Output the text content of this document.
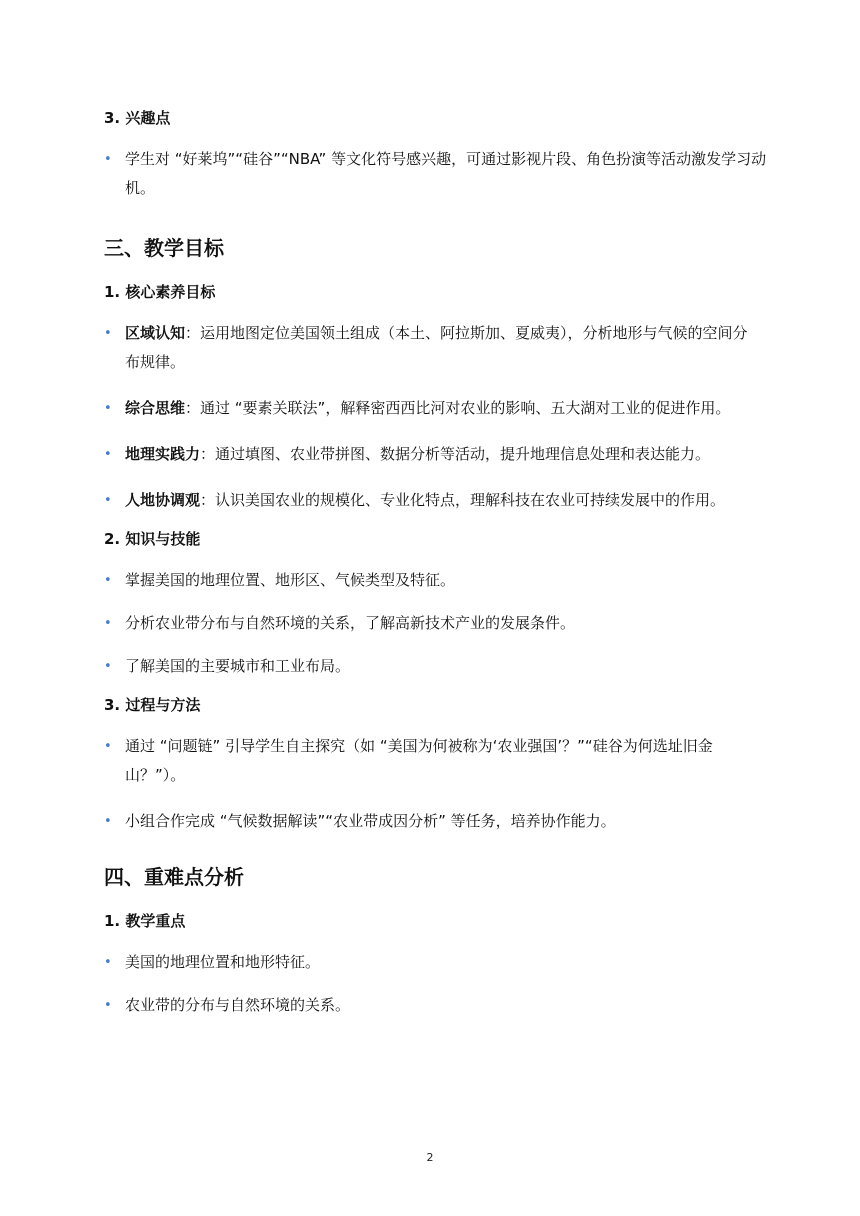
3. 兴趣点
• 学生对 “好莱坞”“硅谷”“NBA” 等文化符号感兴趣，可通过影视片段、角色扮演等活动激发学习动机。
三、教学目标
1. 核心素养目标
• 区域认知：运用地图定位美国领土组成（本土、阿拉斯加、夏威夷），分析地形与气候的空间分布规律。
• 综合思维：通过 “要素关联法”，解释密西西比河对农业的影响、五大湖对工业的促进作用。
• 地理实践力：通过填图、农业带拼图、数据分析等活动，提升地理信息处理和表达能力。
• 人地协调观：认识美国农业的规模化、专业化特点，理解科技在农业可持续发展中的作用。
2. 知识与技能
• 掌握美国的地理位置、地形区、气候类型及特征。
• 分析农业带分布与自然环境的关系，了解高新技术产业的发展条件。
• 了解美国的主要城市和工业布局。
3. 过程与方法
• 通过 “问题链” 引导学生自主探究（如 “美国为何被称为‘农业强国’？”“硅谷为何选址旧金山？”）。
• 小组合作完成 “气候数据解读”“农业带成因分析” 等任务，培养协作能力。
四、重难点分析
1. 教学重点
• 美国的地理位置和地形特征。
• 农业带的分布与自然环境的关系。
2
